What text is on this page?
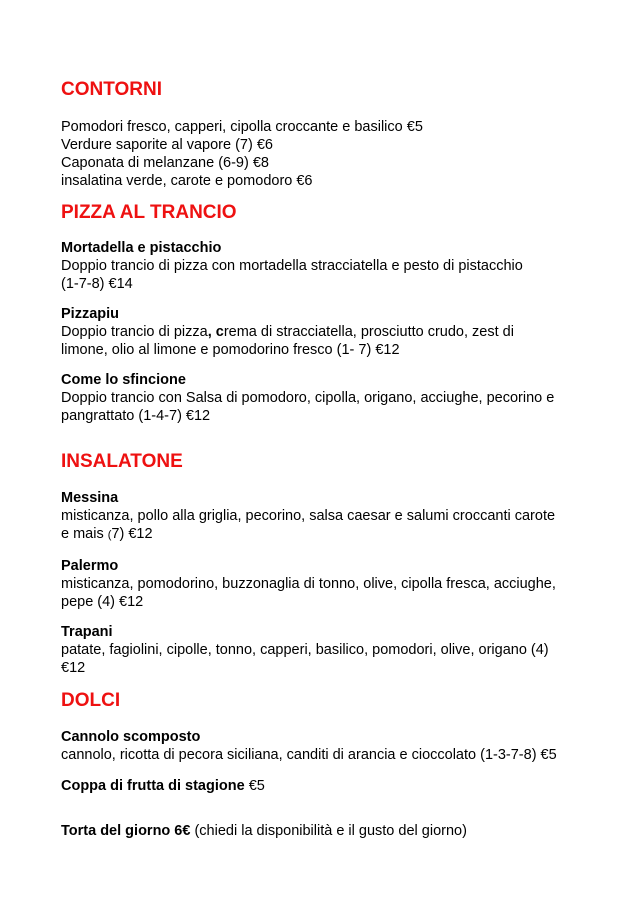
CONTORNI
Pomodori fresco, capperi, cipolla croccante e basilico €5
Verdure saporite al vapore (7) €6
Caponata di melanzane (6-9) €8
insalatina verde, carote e pomodoro €6
PIZZA AL TRANCIO
Mortadella e pistacchio
Doppio trancio di pizza con mortadella stracciatella e pesto di pistacchio
(1-7-8) €14
Pizzapiu
Doppio trancio di pizza, crema di stracciatella, prosciutto crudo, zest di
limone, olio al limone e pomodorino fresco (1- 7) €12
Come lo sfincione
Doppio trancio con Salsa di pomodoro, cipolla, origano, acciughe, pecorino e
pangrattato (1-4-7) €12
INSALATONE
Messina
misticanza, pollo alla griglia, pecorino, salsa caesar e salumi croccanti carote
e mais (7) €12
Palermo
misticanza, pomodorino, buzzonaglia di tonno, olive, cipolla fresca, acciughe,
pepe (4) €12
Trapani
patate, fagiolini, cipolle, tonno, capperi, basilico, pomodori, olive, origano (4)
€12
DOLCI
Cannolo scomposto
cannolo, ricotta di pecora siciliana, canditi di arancia e cioccolato (1-3-7-8) €5
Coppa di frutta di stagione €5
Torta del giorno 6€ (chiedi la disponibilità e il gusto del giorno)
